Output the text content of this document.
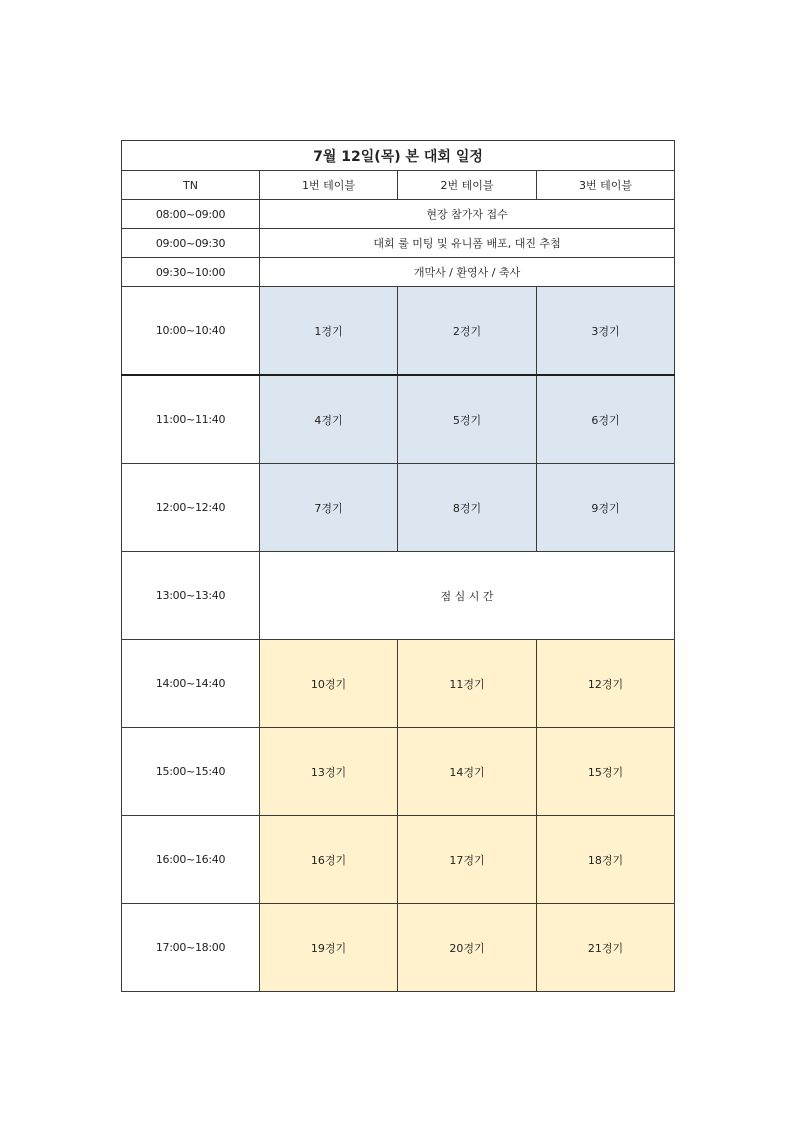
7월 12일(목) 본 대회 일정			
TN	1번 테이블	2번 테이블	3번 테이블
08:00~09:00	현장 참가자 접수		
09:00~09:30	대회 룰 미팅 및 유니폼 배포, 대진 추첨		
09:30~10:00	개막사 / 환영사 / 축사		
10:00~10:40	1경기	2경기	3경기
11:00~11:40	4경기	5경기	6경기
12:00~12:40	7경기	8경기	9경기
13:00~13:40	점 심 시 간		
14:00~14:40	10경기	11경기	12경기
15:00~15:40	13경기	14경기	15경기
16:00~16:40	16경기	17경기	18경기
17:00~18:00	19경기	20경기	21경기
